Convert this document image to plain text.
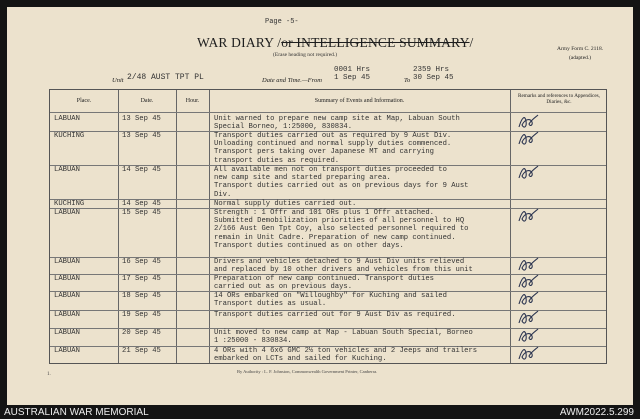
Page -5-
WAR DIARY /or INTELLIGENCE SUMMARY/
(Erase heading not required.)
Army Form C. 2118.
(adapted.)
Unit 2/48 AUST TPT PL	Date and Time.—From
0001 Hrs
1 Sep 45	To
2359 Hrs
30 Sep 45
Place.	Date.	Hour.	Summary of Events and Information.
Remarks and references to Appendices, Diaries, &c.
LABUAN	13 Sep 45	Unit warned to prepare new camp site at Map, Labuan South
Special Borneo, 1:25000, 830834.
KUCHING	13 Sep 45	Transport duties carried out as required by 9 Aust Div.
Unloading continued and normal supply duties commenced.
Transport pers taking over Japanese MT and carrying
transport duties as required.
LABUAN	14 Sep 45	All available men not on transport duties proceeded to
new camp site and started preparing area.
Transport duties carried out as on previous days for 9 Aust
Div.
KUCHING	14 Sep 45	Normal supply duties carried out.
LABUAN	15 Sep 45	Strength : 1 Offr and 101 ORs plus 1 Offr attached.
Submitted Demobilization priorities of all personnel to HQ
2/166 Aust Gen Tpt Coy, also selected personnel required to
remain in Unit Cadre. Preparation of new camp continued.
Transport duties continued as on other days.
LABUAN	16 Sep 45	Drivers and vehicles detached to 9 Aust Div units relieved
and replaced by 10 other drivers and vehicles from this unit
LABUAN	17 Sep 45	Preparation of new camp continued. Transport duties
carried out as on previous days.
LABUAN	18 Sep 45	14 ORs embarked on "Willoughby" for Kuching and sailed
Transport duties as usual.
LABUAN	19 Sep 45	Transport duties carried out for 9 Aust Div as required.
LABUAN	20 Sep 45	Unit moved to new camp at Map - Labuan South Special, Borneo
1 :25000 - 830834.
LABUAN	21 Sep 45	4 ORs with 4 6x6 GMC 2½ ton vehicles and 2 Jeeps and trailers
embarked on LCTs and sailed for Kuching.
1.
By Authority : L. F. Johnston, Commonwealth Government Printer, Canberra.
AUSTRALIAN WAR MEMORIAL	AWM2022.5.299
